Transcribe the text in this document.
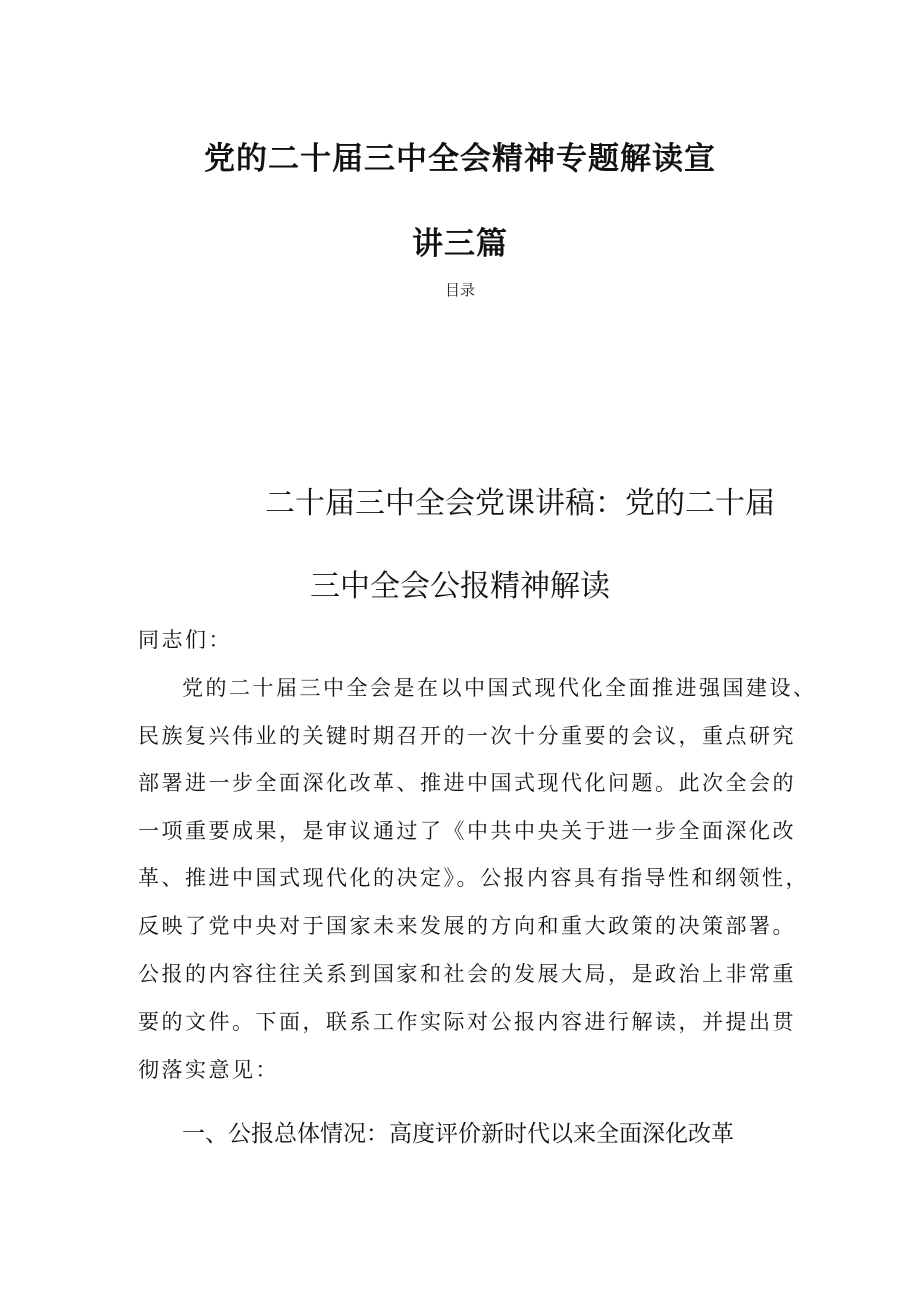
党的二十届三中全会精神专题解读宣
讲三篇
目录
二十届三中全会党课讲稿：党的二十届
三中全会公报精神解读
同志们：
党的二十届三中全会是在以中国式现代化全面推进强国建设、
民族复兴伟业的关键时期召开的一次十分重要的会议，重点研究
部署进一步全面深化改革、推进中国式现代化问题。此次全会的
一项重要成果，是审议通过了《中共中央关于进一步全面深化改
革、推进中国式现代化的决定》。公报内容具有指导性和纲领性，
反映了党中央对于国家未来发展的方向和重大政策的决策部署。
公报的内容往往关系到国家和社会的发展大局，是政治上非常重
要的文件。下面，联系工作实际对公报内容进行解读，并提出贯
彻落实意见：
一、公报总体情况：高度评价新时代以来全面深化改革
